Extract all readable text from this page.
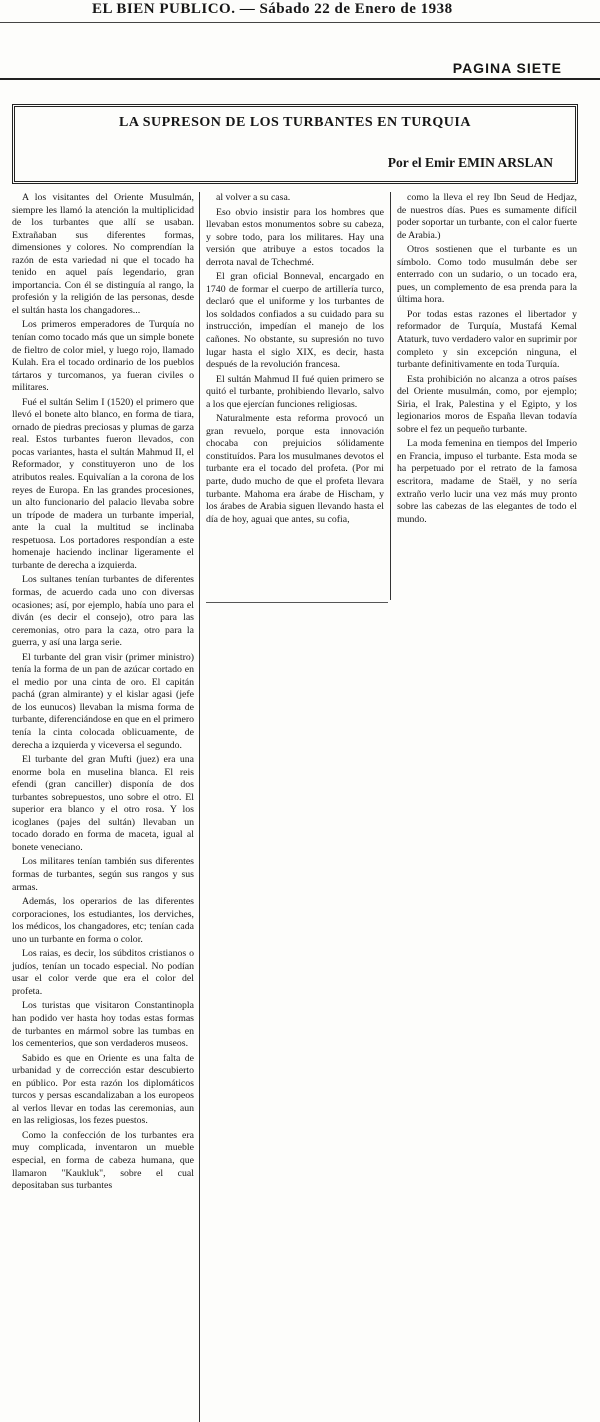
EL BIEN PUBLICO. — Sábado 22 de Enero de 1938
PAGINA SIETE
LA SUPRESON DE LOS TURBANTES EN TURQUIA
Por el Emir EMIN ARSLAN

A los visitantes del Oriente Musulmán, siempre les llamó la atención la multiplicidad de los turbantes que allí se usaban. Extrañaban sus diferentes formas, dimensiones y colores. No comprendían la razón de esta variedad ni que el tocado ha tenido en aquel país legendario, gran importancia. Con él se distinguía al rango, la profesión y la religión de las personas, desde el sultán hasta los changadores...

Los primeros emperadores de Turquía no tenían como tocado más que un simple bonete de fieltro de color miel, y luego rojo, llamado Kulah. Era el tocado ordinario de los pueblos tártaros y turcomanos, ya fueran civiles o militares.

Fué el sultán Selim I (1520) el primero que llevó el bonete alto blanco, en forma de tiara, ornado de piedras preciosas y plumas de garza real. Estos turbantes fueron llevados, con pocas variantes, hasta el sultán Mahmud II, el Reformador, y constituyeron uno de los atributos reales. Equivalían a la corona de los reyes de Europa. En las grandes procesiones, un alto funcionario del palacio llevaba sobre un trípode de madera un turbante imperial, ante la cual la multitud se inclinaba respetuosa. Los portadores respondían a este homenaje haciendo inclinar ligeramente el turbante de derecha a izquierda.

Los sultanes tenían turbantes de diferentes formas, de acuerdo cada uno con diversas ocasiones; así, por ejemplo, había uno para el diván (es decir el consejo), otro para las ceremonias, otro para la caza, otro para la guerra, y así una larga serie.

El turbante del gran visir (primer ministro) tenía la forma de un pan de azúcar cortado en el medio por una cinta de oro. El capitán pachá (gran almirante) y el kislar agasi (jefe de los eunucos) llevaban la misma forma de turbante, diferenciándose en que en el primero tenía la cinta colocada oblicuamente, de derecha a izquierda y viceversa el segundo.

El turbante del gran Mufti (juez) era una enorme bola en muselina blanca. El reis efendi (gran canciller) disponía de dos turbantes sobrepuestos, uno sobre el otro. El superior era blanco y el otro rosa. Y los icoglanes (pajes del sultán) llevaban un tocado dorado en forma de maceta, igual al bonete veneciano.

Los militares tenían también sus diferentes formas de turbantes, según sus rangos y sus armas.

Además, los operarios de las diferentes corporaciones, los estudiantes, los derviches, los médicos, los changadores, etc; tenían cada uno un turbante en forma o color.

Los raias, es decir, los súbditos cristianos o judíos, tenían un tocado especial. No podían usar el color verde que era el color del profeta.

Los turistas que visitaron Constantinopla han podido ver hasta hoy todas estas formas de turbantes en mármol sobre las tumbas en los cementerios, que son verdaderos museos.

Sabido es que en Oriente es una falta de urbanidad y de corrección estar descubierto en público. Por esta razón los diplomáticos turcos y persas escandalizaban a los europeos al verlos llevar en todas las ceremonias, aun en las religiosas, los fezes puestos.

Como la confección de los turbantes era muy complicada, inventaron un mueble especial, en forma de cabeza humana, que llamaron "Kaukluk", sobre el cual depositaban sus turbantes

al volver a su casa.

Eso obvio insistir para los hombres que llevaban estos monumentos sobre su cabeza, y sobre todo, para los militares. Hay una versión que atribuye a estos tocados la derrota naval de Tchechmé.

El gran oficial Bonneval, encargado en 1740 de formar el cuerpo de artillería turco, declaró que el uniforme y los turbantes de los soldados confiados a su cuidado para su instrucción, impedían el manejo de los cañones. No obstante, su supresión no tuvo lugar hasta el siglo XIX, es decir, hasta después de la revolución francesa.

El sultán Mahmud II fué quien primero se quitó el turbante, prohibiendo llevarlo, salvo a los que ejercían funciones religiosas.

Naturalmente esta reforma provocó un gran revuelo, porque esta innovación chocaba con prejuicios sólidamente constituídos. Para los musulmanes devotos el turbante era el tocado del profeta. (Por mi parte, dudo mucho de que el profeta llevara turbante. Mahoma era árabe de Hischam, y los árabes de Arabia siguen llevando hasta el día de hoy, aguai que antes, su cofia,

como la lleva el rey Ibn Seud de Hedjaz, de nuestros días. Pues es sumamente difícil poder soportar un turbante, con el calor fuerte de Arabia.)

Otros sostienen que el turbante es un símbolo. Como todo musulmán debe ser enterrado con un sudario, o un tocado era, pues, un complemento de esa prenda para la última hora.

Por todas estas razones el libertador y reformador de Turquía, Mustafá Kemal Ataturk, tuvo verdadero valor en suprimir por completo y sin excepción ninguna, el turbante definitivamente en toda Turquía.

Esta prohibición no alcanza a otros países del Oriente musulmán, como, por ejemplo; Siria, el Irak, Palestina y el Egipto, y los legionarios moros de España llevan todavía sobre el fez un pequeño turbante.

La moda femenina en tiempos del Imperio en Francia, impuso el turbante. Esta moda se ha perpetuado por el retrato de la famosa escritora, madame de Staël, y no sería extraño verlo lucir una vez más muy pronto sobre las cabezas de las elegantes de todo el mundo.
